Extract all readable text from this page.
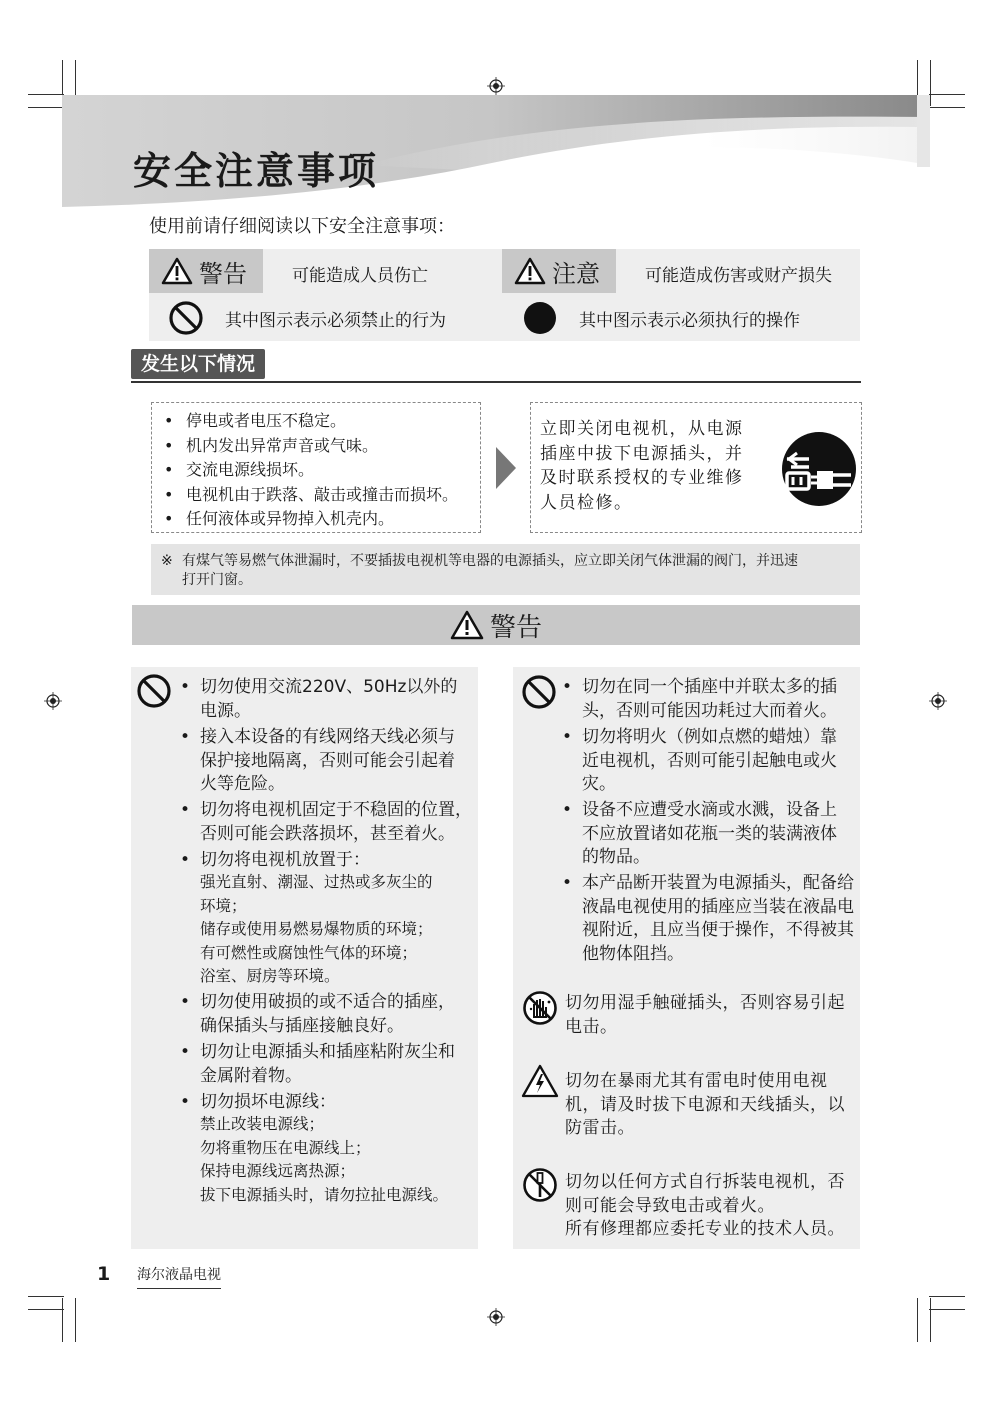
安全注意事项
使用前请仔细阅读以下安全注意事项：
警告	可能造成人员伤亡
其中图示表示必须禁止的行为
注意	可能造成伤害或财产损失
其中图示表示必须执行的操作
发生以下情况
• 停电或者电压不稳定。
• 机内发出异常声音或气味。
• 交流电源线损坏。
• 电视机由于跌落、敲击或撞击而损坏。
• 任何液体或异物掉入机壳内。
立即关闭电视机，从电源
插座中拔下电源插头，并
及时联系授权的专业维修
人员检修。
※ 有煤气等易燃气体泄漏时，不要插拔电视机等电器的电源插头，应立即关闭气体泄漏的阀门，并迅速
打开门窗。
警告
• 切勿使用交流220V、50Hz以外的
电源。
• 接入本设备的有线网络天线必须与
保护接地隔离，否则可能会引起着
火等危险。
• 切勿将电视机固定于不稳固的位置，
否则可能会跌落损坏，甚至着火。
• 切勿将电视机放置于：
强光直射、潮湿、过热或多灰尘的
环境；
储存或使用易燃易爆物质的环境；
有可燃性或腐蚀性气体的环境；
浴室、厨房等环境。
• 切勿使用破损的或不适合的插座，
确保插头与插座接触良好。
• 切勿让电源插头和插座粘附灰尘和
金属附着物。
• 切勿损坏电源线：
禁止改装电源线；
勿将重物压在电源线上；
保持电源线远离热源；
拔下电源插头时，请勿拉扯电源线。
• 切勿在同一个插座中并联太多的插
头，否则可能因功耗过大而着火。
• 切勿将明火（例如点燃的蜡烛）靠
近电视机，否则可能引起触电或火
灾。
• 设备不应遭受水滴或水溅，设备上
不应放置诸如花瓶一类的装满液体
的物品。
• 本产品断开装置为电源插头，配备给
液晶电视使用的插座应当装在液晶电
视附近，且应当便于操作，不得被其
他物体阻挡。
切勿用湿手触碰插头，否则容易引起
电击。
切勿在暴雨尤其有雷电时使用电视
机，请及时拔下电源和天线插头，以
防雷击。
切勿以任何方式自行拆装电视机，否
则可能会导致电击或着火。
所有修理都应委托专业的技术人员。
1 海尔液晶电视
